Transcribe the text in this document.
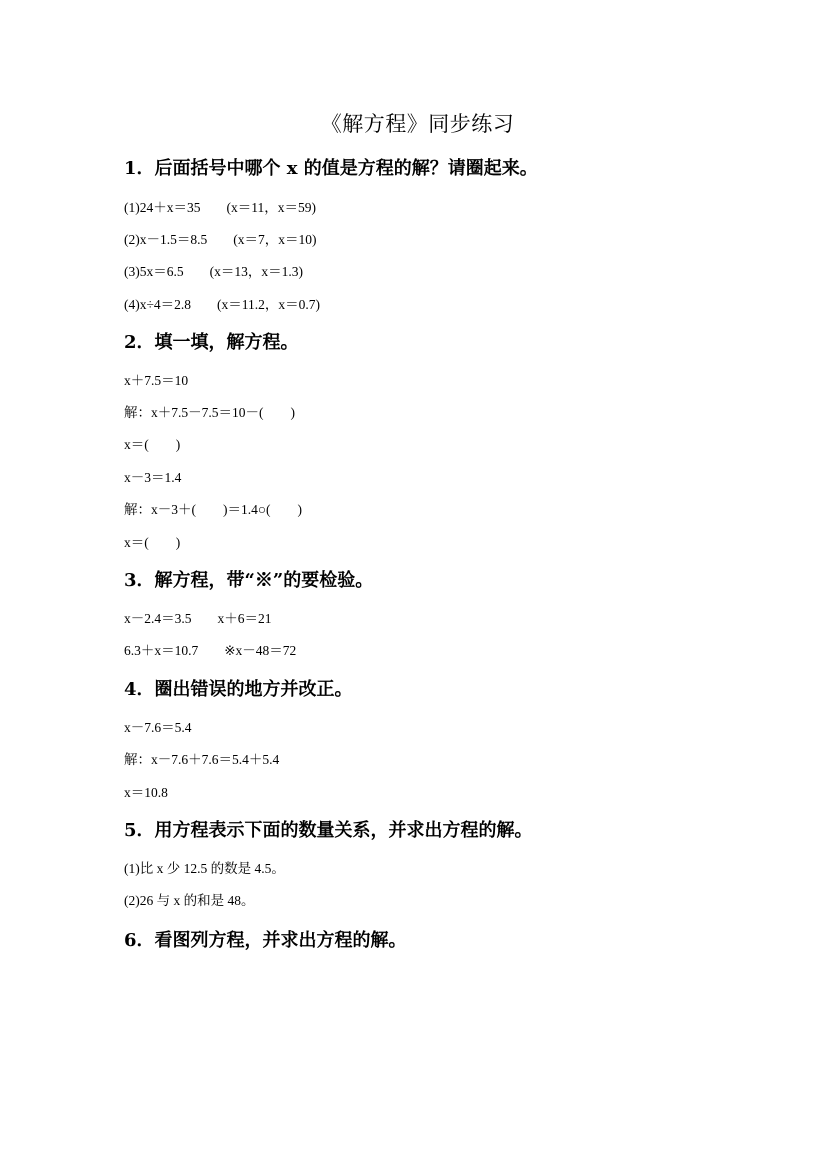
《解方程》同步练习
1．后面括号中哪个 x 的值是方程的解？请圈起来。
(1)24＋x＝35 (x＝11，x＝59)
(2)x－1.5＝8.5 (x＝7，x＝10)
(3)5x＝6.5 (x＝13，x＝1.3)
(4)x÷4＝2.8 (x＝11.2，x＝0.7)
2．填一填，解方程。
x＋7.5＝10
解：x＋7.5－7.5＝10－(　　)
x＝(　　)
x－3＝1.4
解：x－3＋(　　)＝1.4○(　　)
x＝(　　)
3．解方程，带“※”的要检验。
x－2.4＝3.5 x＋6＝21
6.3＋x＝10.7 ※x－48＝72
4．圈出错误的地方并改正。
x－7.6＝5.4
解：x－7.6＋7.6＝5.4＋5.4
x＝10.8
5．用方程表示下面的数量关系，并求出方程的解。
(1)比 x 少 12.5 的数是 4.5。
(2)26 与 x 的和是 48。
6．看图列方程，并求出方程的解。
